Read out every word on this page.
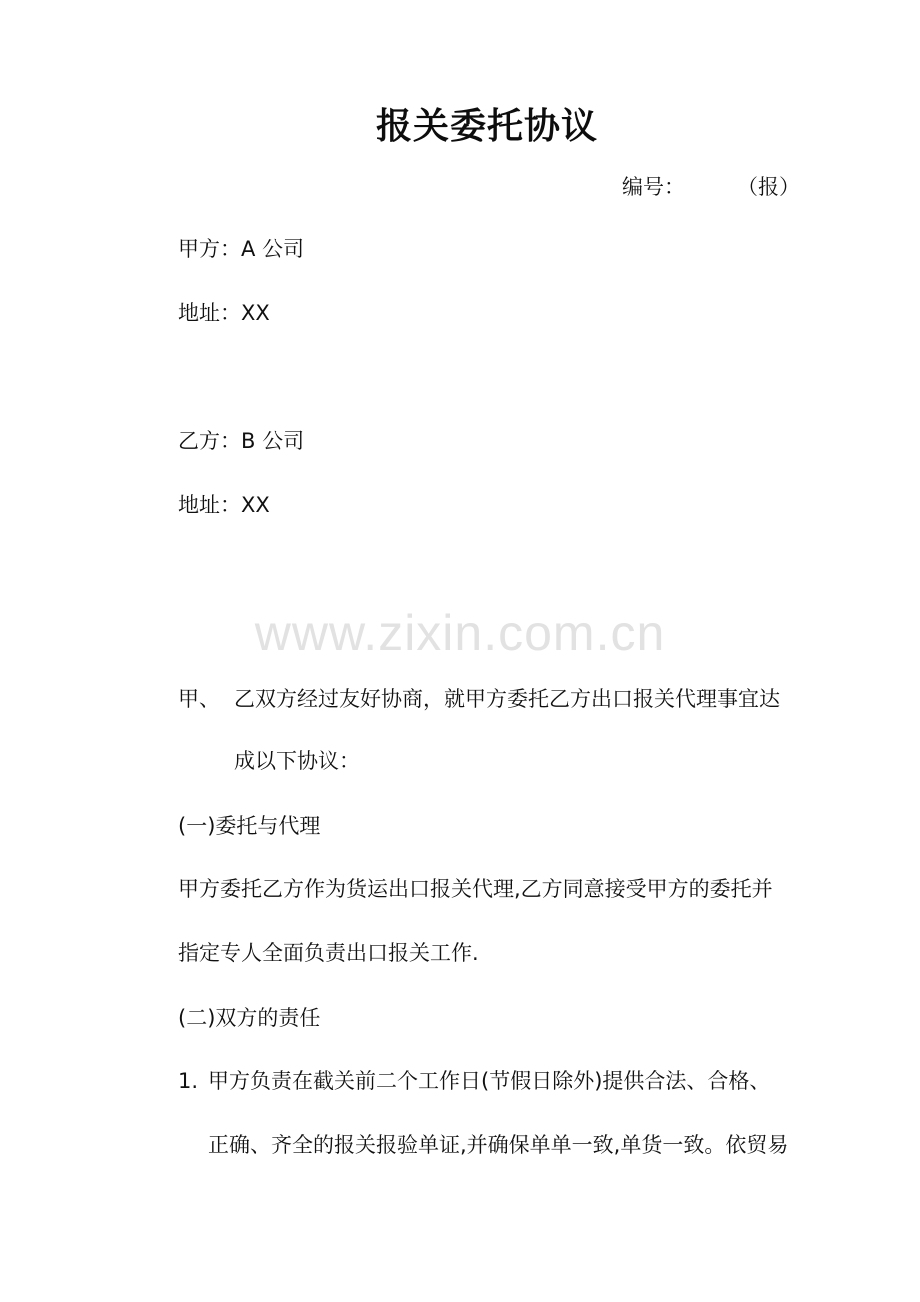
报关委托协议
编号： （报）
甲方：A 公司
地址：XX
乙方：B 公司
地址：XX
www.zixin.com.cn
甲、 乙双方经过友好协商，就甲方委托乙方出口报关代理事宜达
成以下协议：
(一)委托与代理
甲方委托乙方作为货运出口报关代理,乙方同意接受甲方的委托并
指定专人全面负责出口报关工作.
(二)双方的责任
1. 甲方负责在截关前二个工作日(节假日除外)提供合法、合格、
正确、齐全的报关报验单证,并确保单单一致,单货一致。依贸易
